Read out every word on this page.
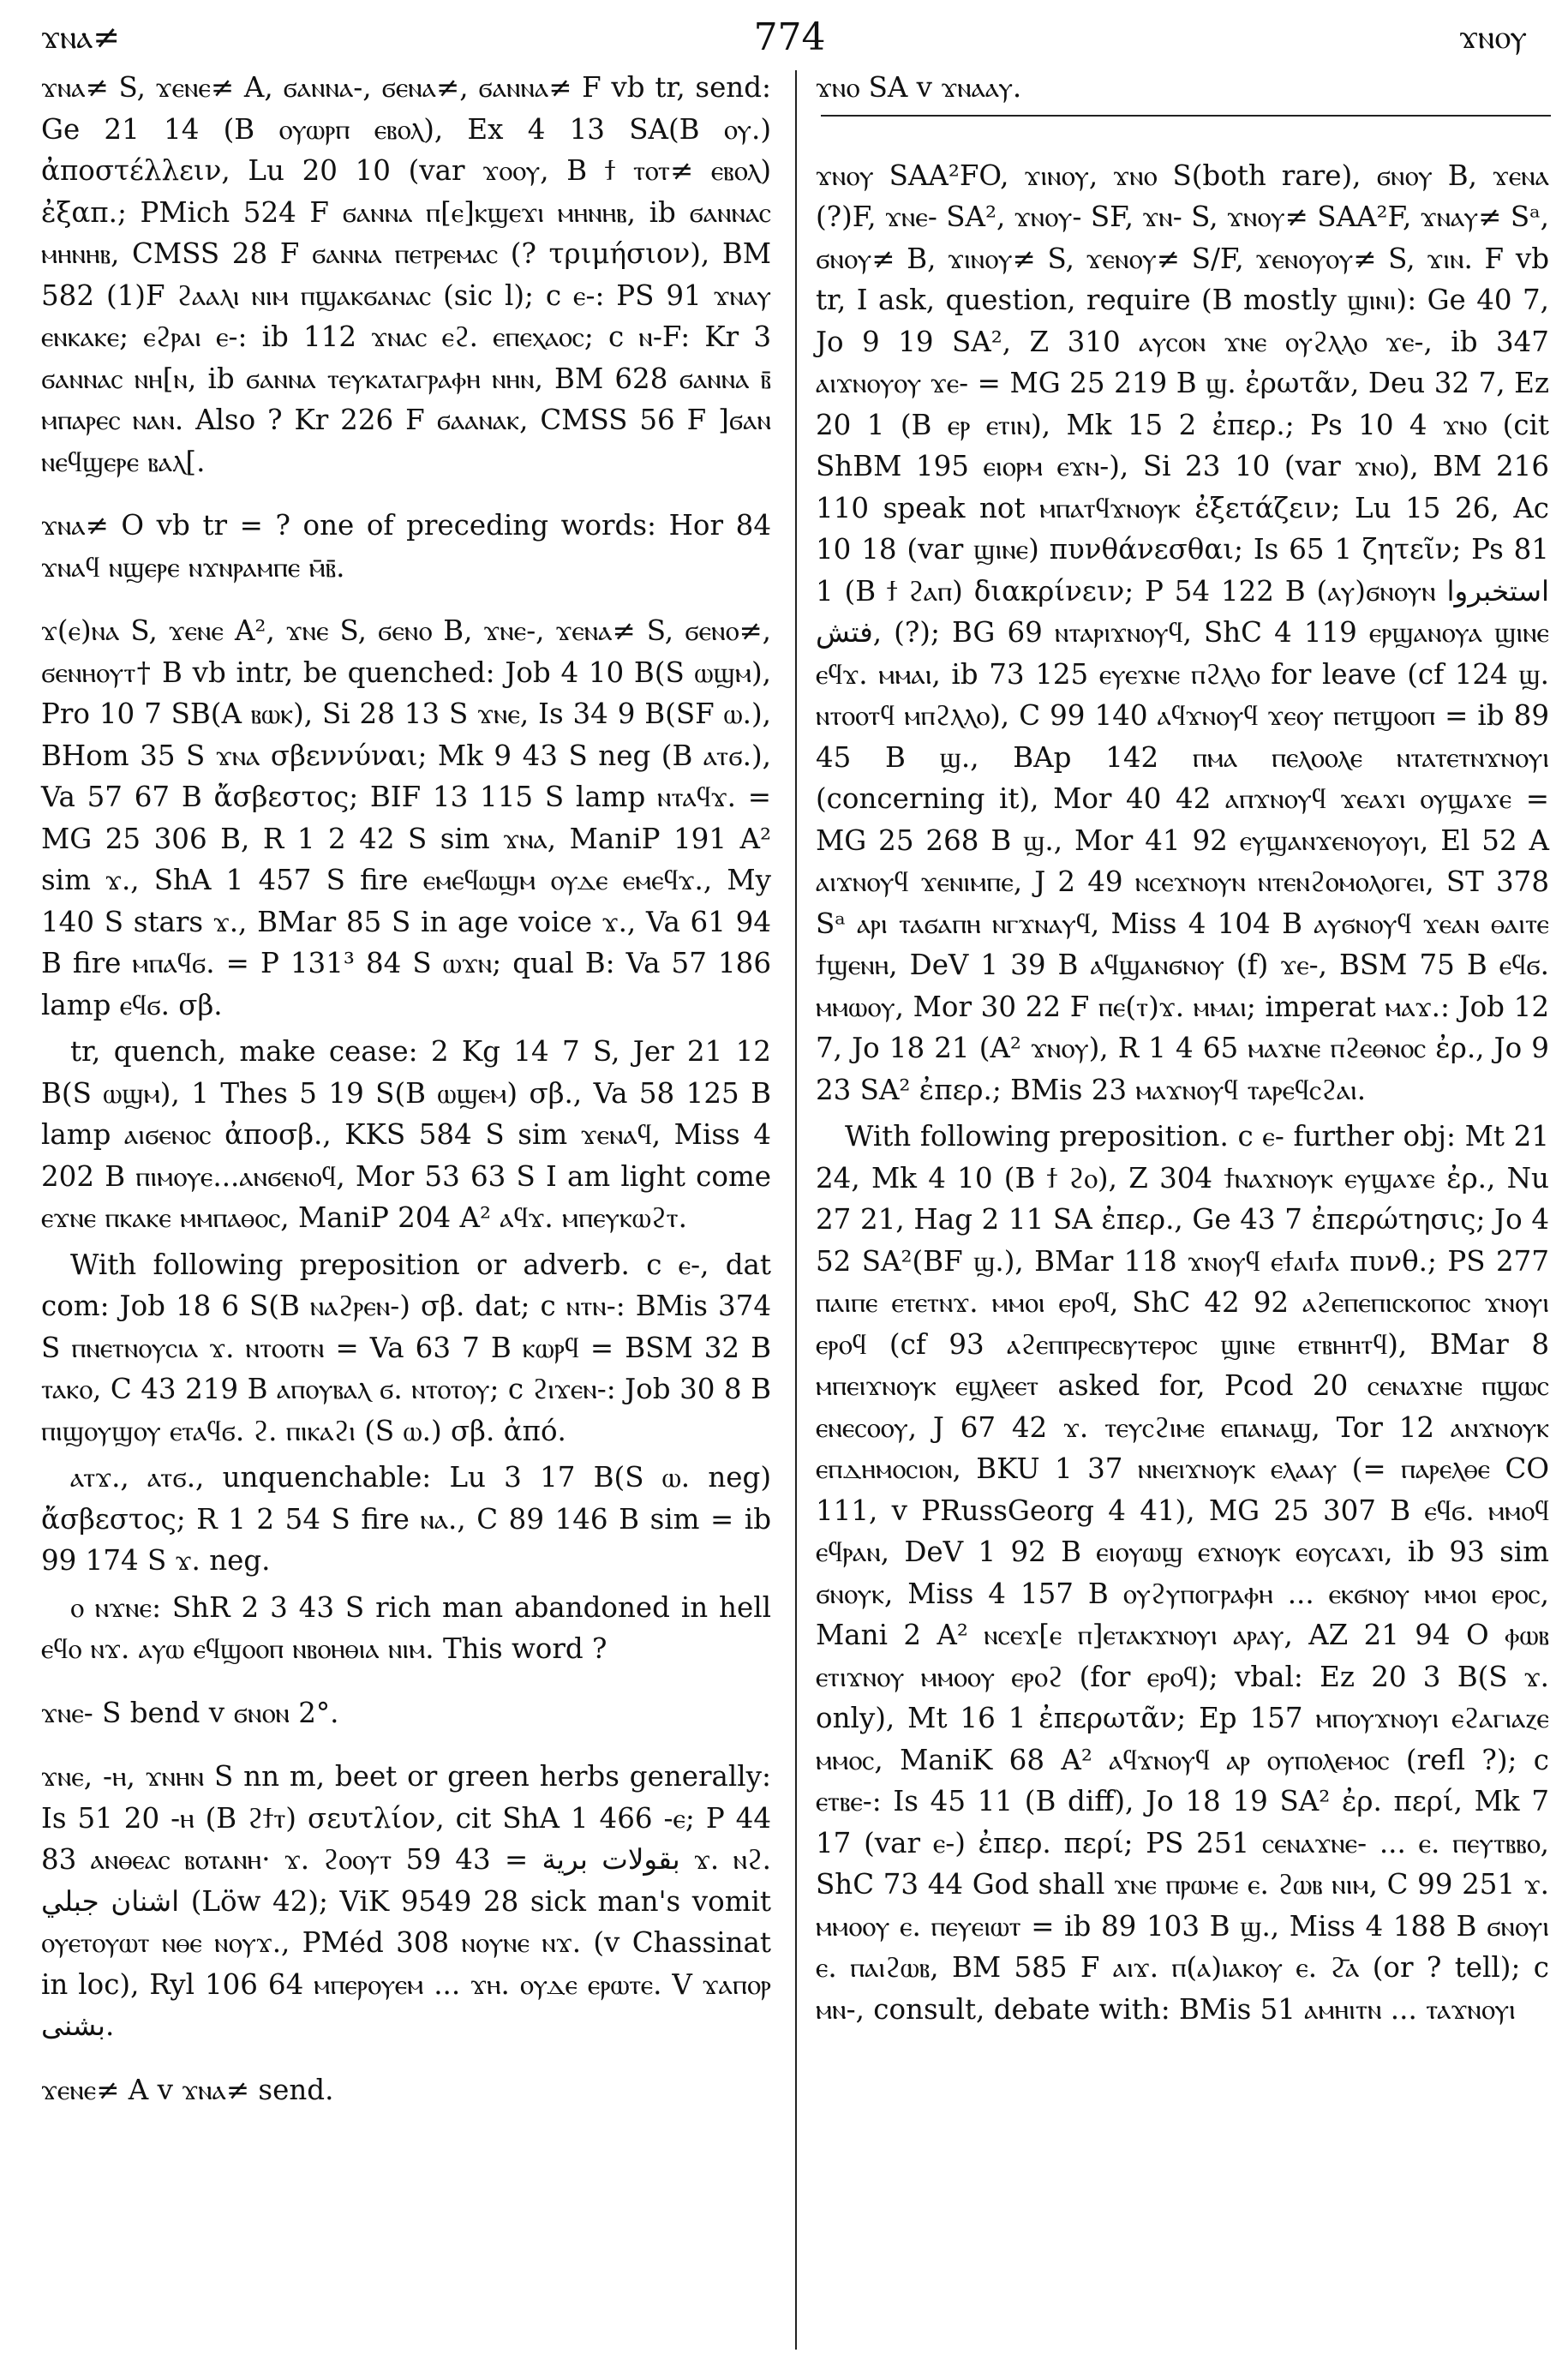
ϫⲛⲁ≠	774	ϫⲛⲟⲩ

ϫⲛⲁ≠ S, ϫⲉⲛⲉ≠ A, ϭⲁⲛⲛⲁ-, ϭⲉⲛⲁ≠, ϭⲁⲛⲛⲁ≠ F vb tr, send: Ge 21 14 (B ⲟⲩⲱⲣⲡ ⲉⲃⲟⲗ), Ex 4 13 SA(B ⲟⲩ.) ἀποστέλλειν, Lu 20 10 (var ϫⲟⲟⲩ, B ϯ ⲧⲟⲧ≠ ⲉⲃⲟⲗ) ἐξαπ.; PMich 524 F ϭⲁⲛⲛⲁ ⲡ[ⲉ]ⲕϣⲉϫⲓ ⲙⲏⲛⲏⲃ, ib ϭⲁⲛⲛⲁⲥ ⲙⲏⲛⲏⲃ, CMSS 28 F ϭⲁⲛⲛⲁ ⲡⲉⲧⲣⲉⲙⲁⲥ (? τριμήσιον), BM 582 (1)F ϩⲁⲁⲗⲓ ⲛⲓⲙ ⲡϣⲁⲕϭⲁⲛⲁⲥ (sic l); c ⲉ-: PS 91 ϫⲛⲁⲩ ⲉⲛⲕⲁⲕⲉ; ⲉϩⲣⲁⲓ ⲉ-: ib 112 ϫⲛⲁⲥ ⲉϩ. ⲉⲡⲉⲭⲁⲟⲥ; c ⲛ-F: Kr 3 ϭⲁⲛⲛⲁⲥ ⲛⲏ[ⲛ, ib ϭⲁⲛⲛⲁ ⲧⲉⲩⲕⲁⲧⲁⲅⲣⲁⲫⲏ ⲛⲏⲛ, BM 628 ϭⲁⲛⲛⲁ ⲃ̄ ⲙⲡⲁⲣⲉⲥ ⲛⲁⲛ. Also ? Kr 226 F ϭⲁⲁⲛⲁⲕ, CMSS 56 F ]ϭⲁⲛ ⲛⲉϥϣⲉⲣⲉ ⲃⲁⲗ[.

ϫⲛⲁ≠ O vb tr = ? one of preceding words: Hor 84 ϫⲛⲁϥ ⲛϣⲉⲣⲉ ⲛϫⲛⲣⲁⲙⲡⲉ ⲙ̄ⲃ̄.

ϫ(ⲉ)ⲛⲁ S, ϫⲉⲛⲉ A², ϫⲛⲉ S, ϭⲉⲛⲟ B, ϫⲛⲉ-, ϫⲉⲛⲁ≠ S, ϭⲉⲛⲟ≠, ϭⲉⲛⲏⲟⲩⲧ† B vb intr, be quenched: Job 4 10 B(S ⲱϣⲙ), Pro 10 7 SB(A ⲃⲱⲕ), Si 28 13 S ϫⲛⲉ, Is 34 9 B(SF ⲱ.), BHom 35 S ϫⲛⲁ σβεννύναι; Mk 9 43 S neg (B ⲁⲧϭ.), Va 57 67 B ἄσβεστος; BIF 13 115 S lamp ⲛⲧⲁϥϫ. = MG 25 306 B, R 1 2 42 S sim ϫⲛⲁ, ManiP 191 A² sim ϫ., ShA 1 457 S fire ⲉⲙⲉϥⲱϣⲙ ⲟⲩⲇⲉ ⲉⲙⲉϥϫ., My 140 S stars ϫ., BMar 85 S in age voice ϫ., Va 61 94 B fire ⲙⲡⲁϥϭ. = P 131³ 84 S ⲱϫⲛ; qual B: Va 57 186 lamp ⲉϥϭ. σβ.

tr, quench, make cease: 2 Kg 14 7 S, Jer 21 12 B(S ⲱϣⲙ), 1 Thes 5 19 S(B ⲱϣⲉⲙ) σβ., Va 58 125 B lamp ⲁⲓϭⲉⲛⲟⲥ ἀποσβ., KKS 584 S sim ϫⲉⲛⲁϥ, Miss 4 202 B ⲡⲓⲙⲟⲩⲉ...ⲁⲛϭⲉⲛⲟϥ, Mor 53 63 S I am light come ⲉϫⲛⲉ ⲡⲕⲁⲕⲉ ⲙⲙⲡⲁⲑⲟⲥ, ManiP 204 A² ⲁϥϫ. ⲙⲡⲉⲩⲕⲱϩⲧ.

With following preposition or adverb. c ⲉ-, dat com: Job 18 6 S(B ⲛⲁϩⲣⲉⲛ-) σβ. dat; c ⲛⲧⲛ-: BMis 374 S ⲡⲛⲉⲧⲛⲟⲩⲥⲓⲁ ϫ. ⲛⲧⲟⲟⲧⲛ = Va 63 7 B ⲕⲱⲣϥ = BSM 32 B ⲧⲁⲕⲟ, C 43 219 B ⲁⲡⲟⲩⲃⲁⲗ ϭ. ⲛⲧⲟⲧⲟⲩ; c ϩⲓϫⲉⲛ-: Job 30 8 B ⲡⲓϣⲟⲩϣⲟⲩ ⲉⲧⲁϥϭ. ϩ. ⲡⲓⲕⲁϩⲓ (S ⲱ.) σβ. ἀπό.

ⲁⲧϫ., ⲁⲧϭ., unquenchable: Lu 3 17 B(S ⲱ. neg) ἄσβεστος; R 1 2 54 S fire ⲛⲁ., C 89 146 B sim = ib 99 174 S ϫ. neg.

ⲟ ⲛϫⲛⲉ: ShR 2 3 43 S rich man abandoned in hell ⲉϥⲟ ⲛϫ. ⲁⲩⲱ ⲉϥϣⲟⲟⲡ ⲛⲃⲟⲏⲑⲓⲁ ⲛⲓⲙ. This word ?

ϫⲛⲉ- S bend v ϭⲛⲟⲛ 2°.

ϫⲛⲉ, -ⲏ, ϫⲛⲏⲛ S nn m, beet or green herbs generally: Is 51 20 -ⲏ (B ϩϯⲧ) σευτλίον, cit ShA 1 466 -ⲉ; P 44 83 ⲁⲛⲑⲉⲁⲥ ⲃⲟⲧⲁⲛⲏ· ϫ. ϩⲟⲟⲩⲧ بقولات برية = 43 59 ϫ. ⲛϩ. اشنان جبلي (Löw 42); ViK 9549 28 sick man's vomit ⲟⲩⲉⲧⲟⲩⲱⲧ ⲛⲑⲉ ⲛⲟⲩϫ., PMéd 308 ⲛⲟⲩⲛⲉ ⲛϫ. (v Chassinat in loc), Ryl 106 64 ⲙⲡⲉⲣⲟⲩⲉⲙ ... ϫⲏ. ⲟⲩⲇⲉ ⲉⲣⲱⲧⲉ. V ϫⲁⲡⲟⲣ بشنى.

ϫⲉⲛⲉ≠ A v ϫⲛⲁ≠ send.

ϫⲛⲟ SA v ϫⲛⲁⲁⲩ.

ϫⲛⲟⲩ SAA²FO, ϫⲓⲛⲟⲩ, ϫⲛⲟ S(both rare), ϭⲛⲟⲩ B, ϫⲉⲛⲁ (?)F, ϫⲛⲉ- SA², ϫⲛⲟⲩ- SF, ϫⲛ- S, ϫⲛⲟⲩ≠ SAA²F, ϫⲛⲁⲩ≠ Sᵃ, ϭⲛⲟⲩ≠ B, ϫⲓⲛⲟⲩ≠ S, ϫⲉⲛⲟⲩ≠ S/F, ϫⲉⲛⲟⲩⲟⲩ≠ S, ϫⲓⲛ. F vb tr, I ask, question, require (B mostly ϣⲓⲛⲓ): Ge 40 7, Jo 9 19 SA², Z 310 ⲁⲩⲥⲟⲛ ϫⲛⲉ ⲟⲩϩⲗⲗⲟ ϫⲉ-, ib 347 ⲁⲓϫⲛⲟⲩⲟⲩ ϫⲉ- = MG 25 219 B ϣ. ἐρωτᾶν, Deu 32 7, Ez 20 1 (B ⲉⲣ ⲉⲧⲓⲛ), Mk 15 2 ἐπερ.; Ps 10 4 ϫⲛⲟ (cit ShBM 195 ⲉⲓⲟⲣⲙ ⲉϫⲛ-), Si 23 10 (var ϫⲛⲟ), BM 216 110 speak not ⲙⲡⲁⲧϥϫⲛⲟⲩⲕ ἐξετάζειν; Lu 15 26, Ac 10 18 (var ϣⲓⲛⲉ) πυνθάνεσθαι; Is 65 1 ζητεῖν; Ps 81 1 (B ϯ ϩⲁⲡ) διακρίνειν; P 54 122 B (ⲁⲩ)ϭⲛⲟⲩⲛ استخبروا ,فتش (?); BG 69 ⲛⲧⲁⲣⲓϫⲛⲟⲩϥ, ShC 4 119 ⲉⲣϣⲁⲛⲟⲩⲁ ϣⲓⲛⲉ ⲉϥϫ. ⲙⲙⲁⲓ, ib 73 125 ⲉⲩⲉϫⲛⲉ ⲡϩⲗⲗⲟ for leave (cf 124 ϣ. ⲛⲧⲟⲟⲧϥ ⲙⲡϩⲗⲗⲟ), C 99 140 ⲁϥϫⲛⲟⲩϥ ϫⲉⲟⲩ ⲡⲉⲧϣⲟⲟⲡ = ib 89 45 B ϣ., BAp 142 ⲡⲙⲁ ⲡⲉⲗⲟⲟⲗⲉ ⲛⲧⲁⲧⲉⲧⲛϫⲛⲟⲩⲓ (concerning it), Mor 40 42 ⲁⲡϫⲛⲟⲩϥ ϫⲉⲁϫⲓ ⲟⲩϣⲁϫⲉ = MG 25 268 B ϣ., Mor 41 92 ⲉⲩϣⲁⲛϫⲉⲛⲟⲩⲟⲩⲓ, El 52 A ⲁⲓϫⲛⲟⲩϥ ϫⲉⲛⲓⲙⲡⲉ, J 2 49 ⲛⲥⲉϫⲛⲟⲩⲛ ⲛⲧⲉⲛϩⲟⲙⲟⲗⲟⲅⲉⲓ, ST 378 Sᵃ ⲁⲣⲓ ⲧⲁϭⲁⲡⲏ ⲛⲅϫⲛⲁⲩϥ, Miss 4 104 B ⲁⲩϭⲛⲟⲩϥ ϫⲉⲁⲛ ⲑⲁⲓⲧⲉ ϯϣⲉⲛⲏ, DeV 1 39 B ⲁϥϣⲁⲛϭⲛⲟⲩ (f) ϫⲉ-, BSM 75 B ⲉϥϭ. ⲙⲙⲱⲟⲩ, Mor 30 22 F ⲡⲉ(ⲧ)ϫ. ⲙⲙⲁⲓ; imperat ⲙⲁϫ.: Job 12 7, Jo 18 21 (A² ϫⲛⲟⲩ), R 1 4 65 ⲙⲁϫⲛⲉ ⲡϩⲉⲑⲛⲟⲥ ἐρ., Jo 9 23 SA² ἐπερ.; BMis 23 ⲙⲁϫⲛⲟⲩϥ ⲧⲁⲣⲉϥⲥϩⲁⲓ.

With following preposition. c ⲉ- further obj: Mt 21 24, Mk 4 10 (B ϯ ϩⲟ), Z 304 ϯⲛⲁϫⲛⲟⲩⲕ ⲉⲩϣⲁϫⲉ ἐρ., Nu 27 21, Hag 2 11 SA ἐπερ., Ge 43 7 ἐπερώτησις; Jo 4 52 SA²(BF ϣ.), BMar 118 ϫⲛⲟⲩϥ ⲉϯⲁⲓϯⲁ πυνθ.; PS 277 ⲡⲁⲓⲡⲉ ⲉⲧⲉⲧⲛϫ. ⲙⲙⲟⲓ ⲉⲣⲟϥ, ShC 42 92 ⲁϩⲉⲡⲉⲡⲓⲥⲕⲟⲡⲟⲥ ϫⲛⲟⲩⲓ ⲉⲣⲟϥ (cf 93 ⲁϩⲉⲡⲡⲣⲉⲥⲃⲩⲧⲉⲣⲟⲥ ϣⲓⲛⲉ ⲉⲧⲃⲏⲏⲧϥ), BMar 8 ⲙⲡⲉⲓϫⲛⲟⲩⲕ ⲉϣⲗⲉⲉⲧ asked for, Pcod 20 ⲥⲉⲛⲁϫⲛⲉ ⲡϣⲱⲥ ⲉⲛⲉⲥⲟⲟⲩ, J 67 42 ϫ. ⲧⲉⲩⲥϩⲓⲙⲉ ⲉⲡⲁⲛⲁϣ, Tor 12 ⲁⲛϫⲛⲟⲩⲕ ⲉⲡⲇⲏⲙⲟⲥⲓⲟⲛ, BKU 1 37 ⲛⲛⲉⲓϫⲛⲟⲩⲕ ⲉⲗⲁⲁⲩ (= ⲡⲁⲣⲉⲗⲑⲉ CO 111, v PRussGeorg 4 41), MG 25 307 B ⲉϥϭ. ⲙⲙⲟϥ ⲉϥⲣⲁⲛ, DeV 1 92 B ⲉⲓⲟⲩⲱϣ ⲉϫⲛⲟⲩⲕ ⲉⲟⲩⲥⲁϫⲓ, ib 93 sim ϭⲛⲟⲩⲕ, Miss 4 157 B ⲟⲩϩⲩⲡⲟⲅⲣⲁⲫⲏ ... ⲉⲕϭⲛⲟⲩ ⲙⲙⲟⲓ ⲉⲣⲟⲥ, Mani 2 A² ⲛⲥⲉϫ[ⲉ ⲡ]ⲉⲧⲁⲕϫⲛⲟⲩⲓ ⲁⲣⲁⲩ, AZ 21 94 O ⲫⲱⲃ ⲉⲧⲓϫⲛⲟⲩ ⲙⲙⲟⲟⲩ ⲉⲣⲟϩ (for ⲉⲣⲟϥ); vbal: Ez 20 3 B(S ϫ. only), Mt 16 1 ἐπερωτᾶν; Ep 157 ⲙⲡⲟⲩϫⲛⲟⲩⲓ ⲉϩⲁⲅⲓⲁⲍⲉ ⲙⲙⲟⲥ, ManiK 68 A² ⲁϥϫⲛⲟⲩϥ ⲁⲣ ⲟⲩⲡⲟⲗⲉⲙⲟⲥ (refl ?); c ⲉⲧⲃⲉ-: Is 45 11 (B diff), Jo 18 19 SA² ἐρ. περί, Mk 7 17 (var ⲉ-) ἐπερ. περί; PS 251 ⲥⲉⲛⲁϫⲛⲉ- ... ⲉ. ⲡⲉⲩⲧⲃⲃⲟ, ShC 73 44 God shall ϫⲛⲉ ⲡⲣⲱⲙⲉ ⲉ. ϩⲱⲃ ⲛⲓⲙ, C 99 251 ϫ. ⲙⲙⲟⲟⲩ ⲉ. ⲡⲉⲩⲉⲓⲱⲧ = ib 89 103 B ϣ., Miss 4 188 B ϭⲛⲟⲩⲓ ⲉ. ⲡⲁⲓϩⲱⲃ, BM 585 F ⲁⲓϫ. ⲡ(ⲁ)ⲓⲁⲕⲟⲩ ⲉ. ϩ̄ⲁ (or ? tell); c ⲙⲛ-, consult, debate with: BMis 51 ⲁⲙⲏⲓⲧⲛ ... ⲧⲁϫⲛⲟⲩⲓ
